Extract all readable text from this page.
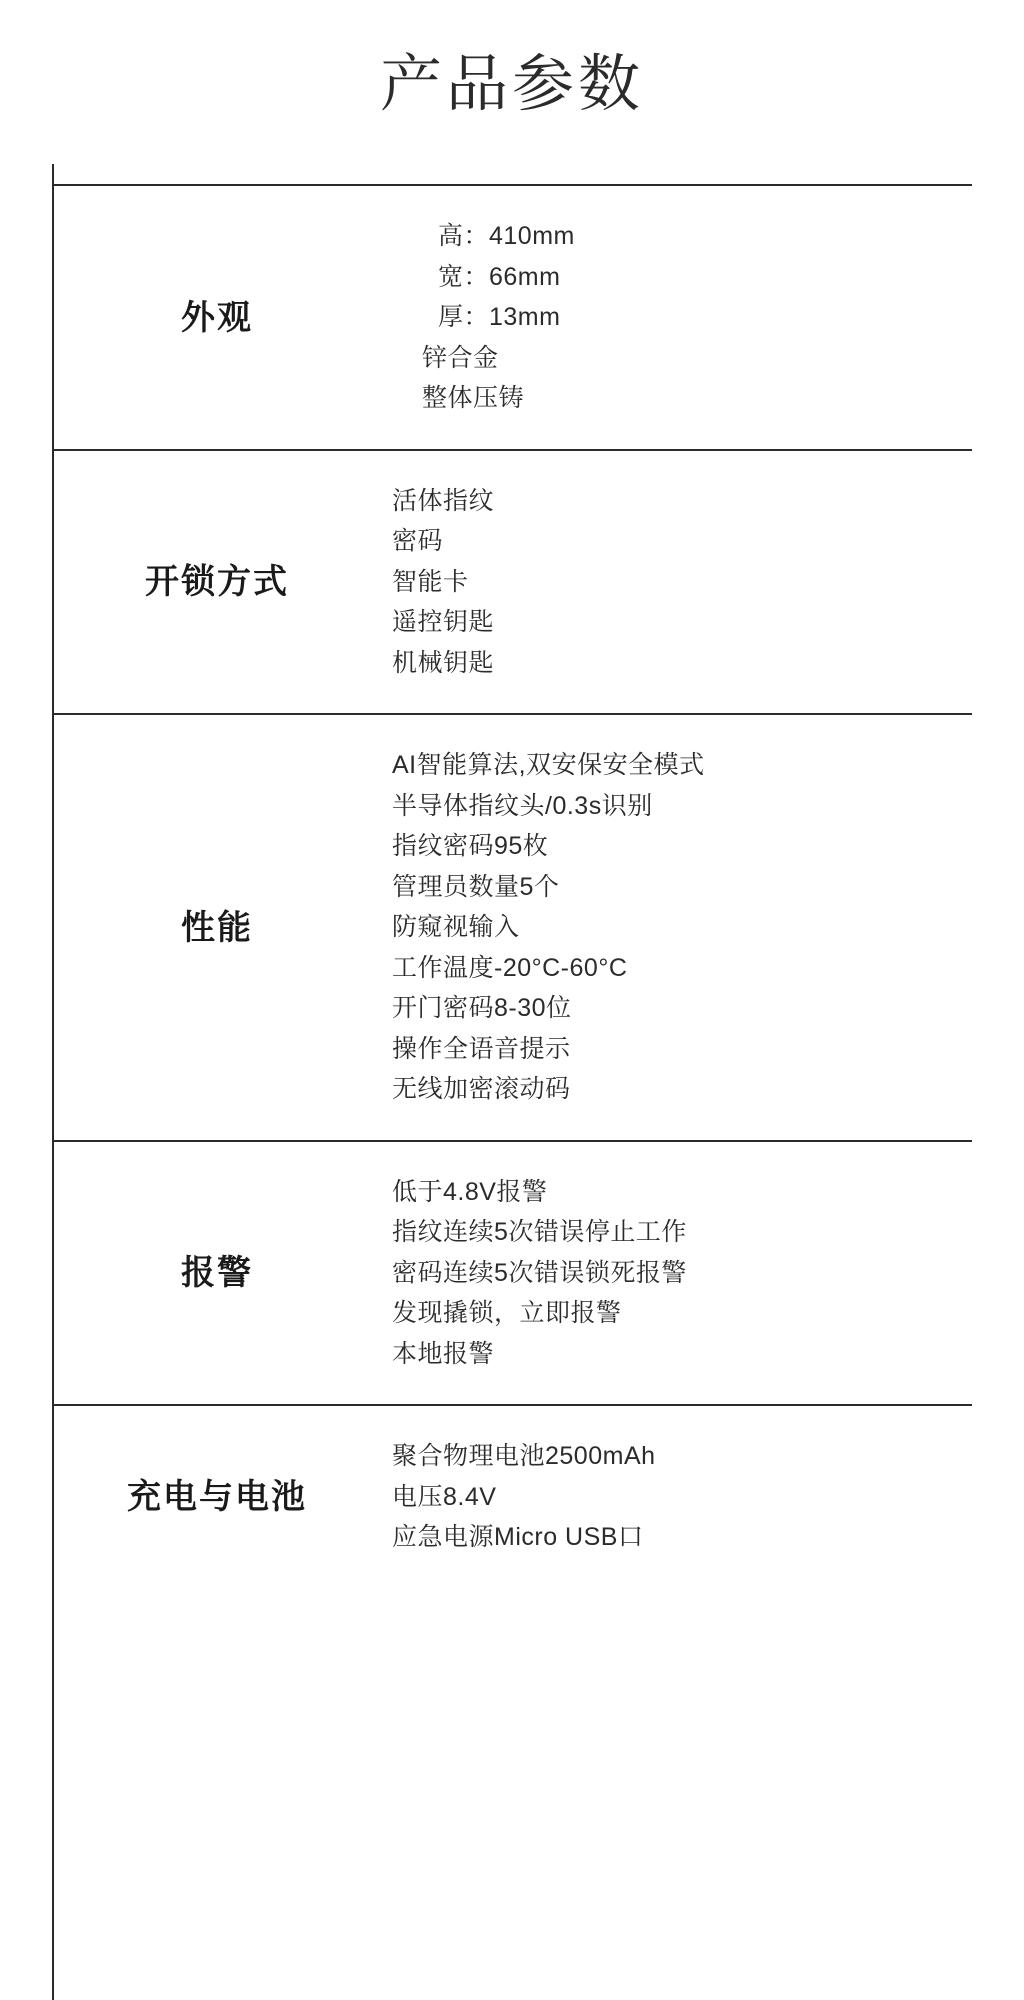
产品参数
外观
高：410mm
宽：66mm
厚：13mm
锌合金
整体压铸
开锁方式
活体指纹
密码
智能卡
遥控钥匙
机械钥匙
性能
AI智能算法,双安保安全模式
半导体指纹头/0.3s识别
指纹密码95枚
管理员数量5个
防窥视输入
工作温度-20°C-60°C
开门密码8-30位
操作全语音提示
无线加密滚动码
报警
低于4.8V报警
指纹连续5次错误停止工作
密码连续5次错误锁死报警
发现撬锁，立即报警
本地报警
充电与电池
聚合物理电池2500mAh
电压8.4V
应急电源Micro USB口
